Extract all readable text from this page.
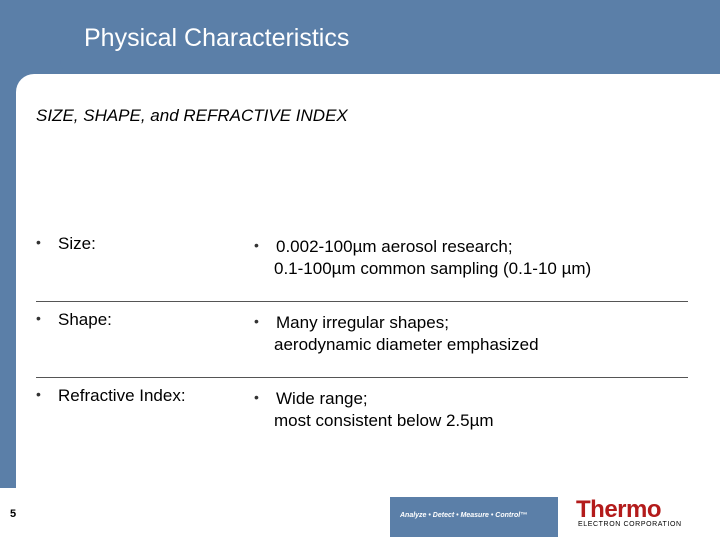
Physical Characteristics

SIZE, SHAPE, and REFRACTIVE INDEX

• Size:	• 0.002-100µm aerosol research;
0.1-100µm common sampling (0.1-10 µm)
• Shape:	• Many irregular shapes;
aerodynamic diameter emphasized
• Refractive Index:	• Wide range;
most consistent below 2.5µm
5	Analyze • Detect • Measure • Control™ Thermo
ELECTRON CORPORATION
